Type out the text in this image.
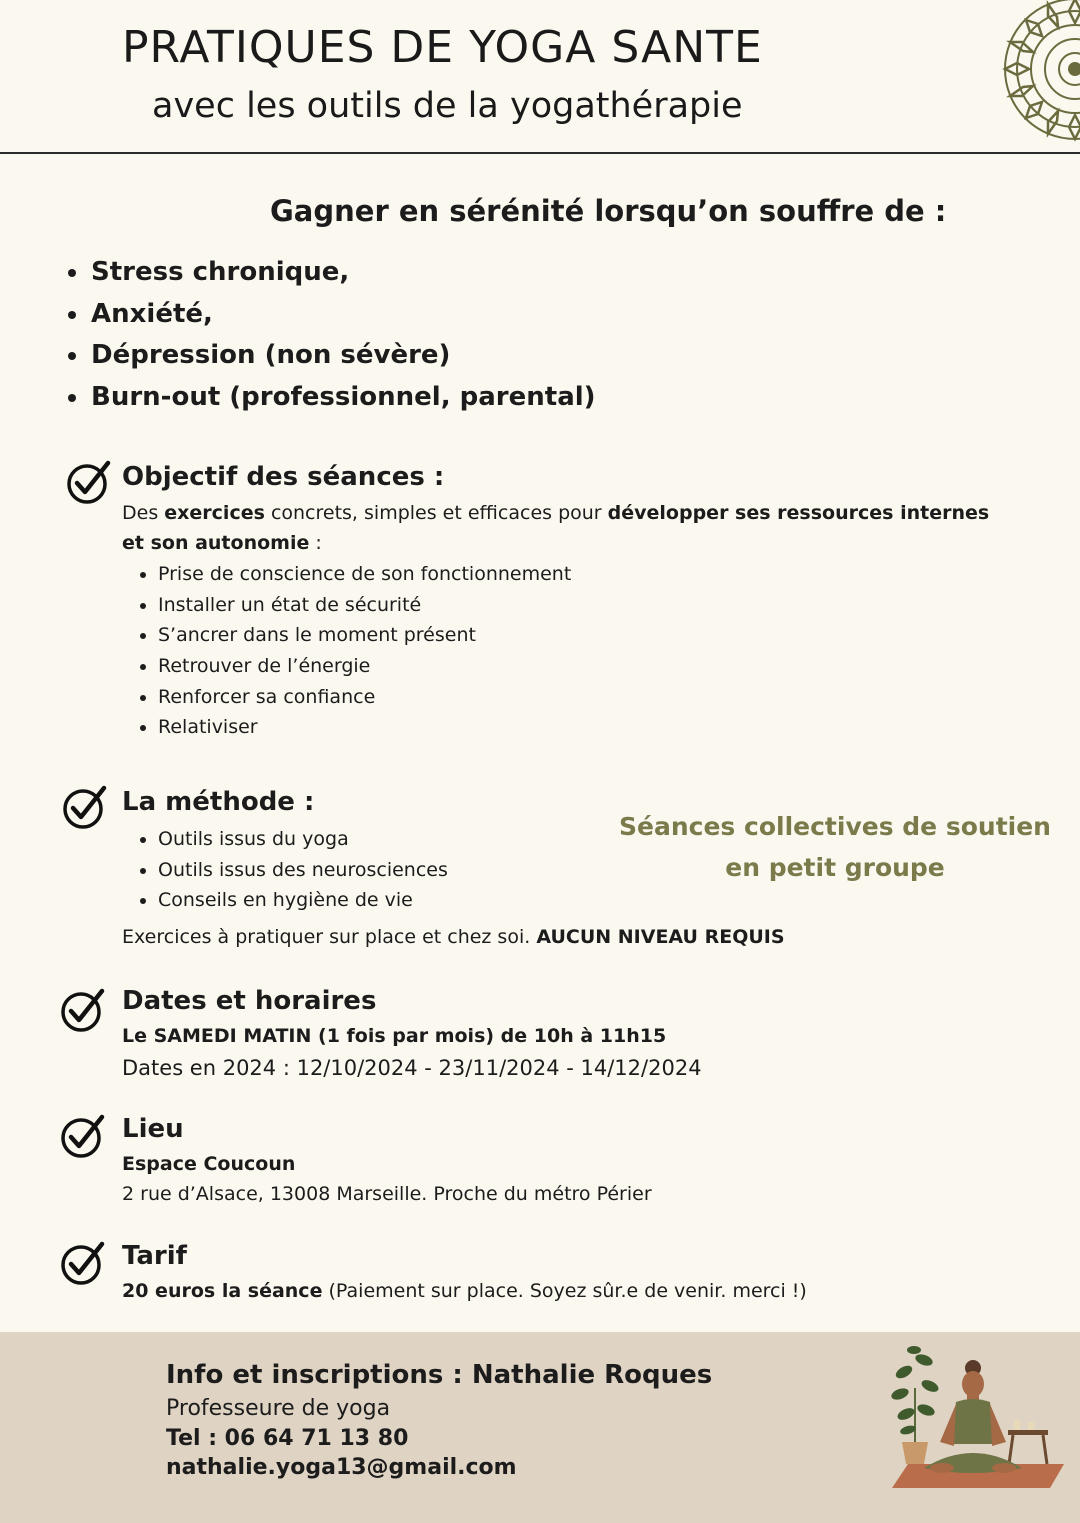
PRATIQUES DE YOGA SANTE
avec les outils de la yogathérapie
Gagner en sérénité lorsqu’on souffre de :
Stress chronique,
Anxiété,
Dépression (non sévère)
Burn-out (professionnel, parental)
Objectif des séances :
Des exercices concrets, simples et efficaces pour développer ses ressources internes
et son autonomie :
Prise de conscience de son fonctionnement
Installer un état de sécurité
S’ancrer dans le moment présent
Retrouver de l’énergie
Renforcer sa confiance
Relativiser
La méthode :
Outils issus du yoga
Outils issus des neurosciences
Conseils en hygiène de vie
Exercices à pratiquer sur place et chez soi. AUCUN NIVEAU REQUIS
Séances collectives de soutien
en petit groupe
Dates et horaires
Le SAMEDI MATIN (1 fois par mois) de 10h à 11h15
Dates en 2024 : 12/10/2024 - 23/11/2024 - 14/12/2024
Lieu
Espace Coucoun
2 rue d’Alsace, 13008 Marseille. Proche du métro Périer
Tarif
20 euros la séance (Paiement sur place. Soyez sûr.e de venir. merci !)
Info et inscriptions : Nathalie Roques
Professeure de yoga
Tel : 06 64 71 13 80
nathalie.yoga13@gmail.com
